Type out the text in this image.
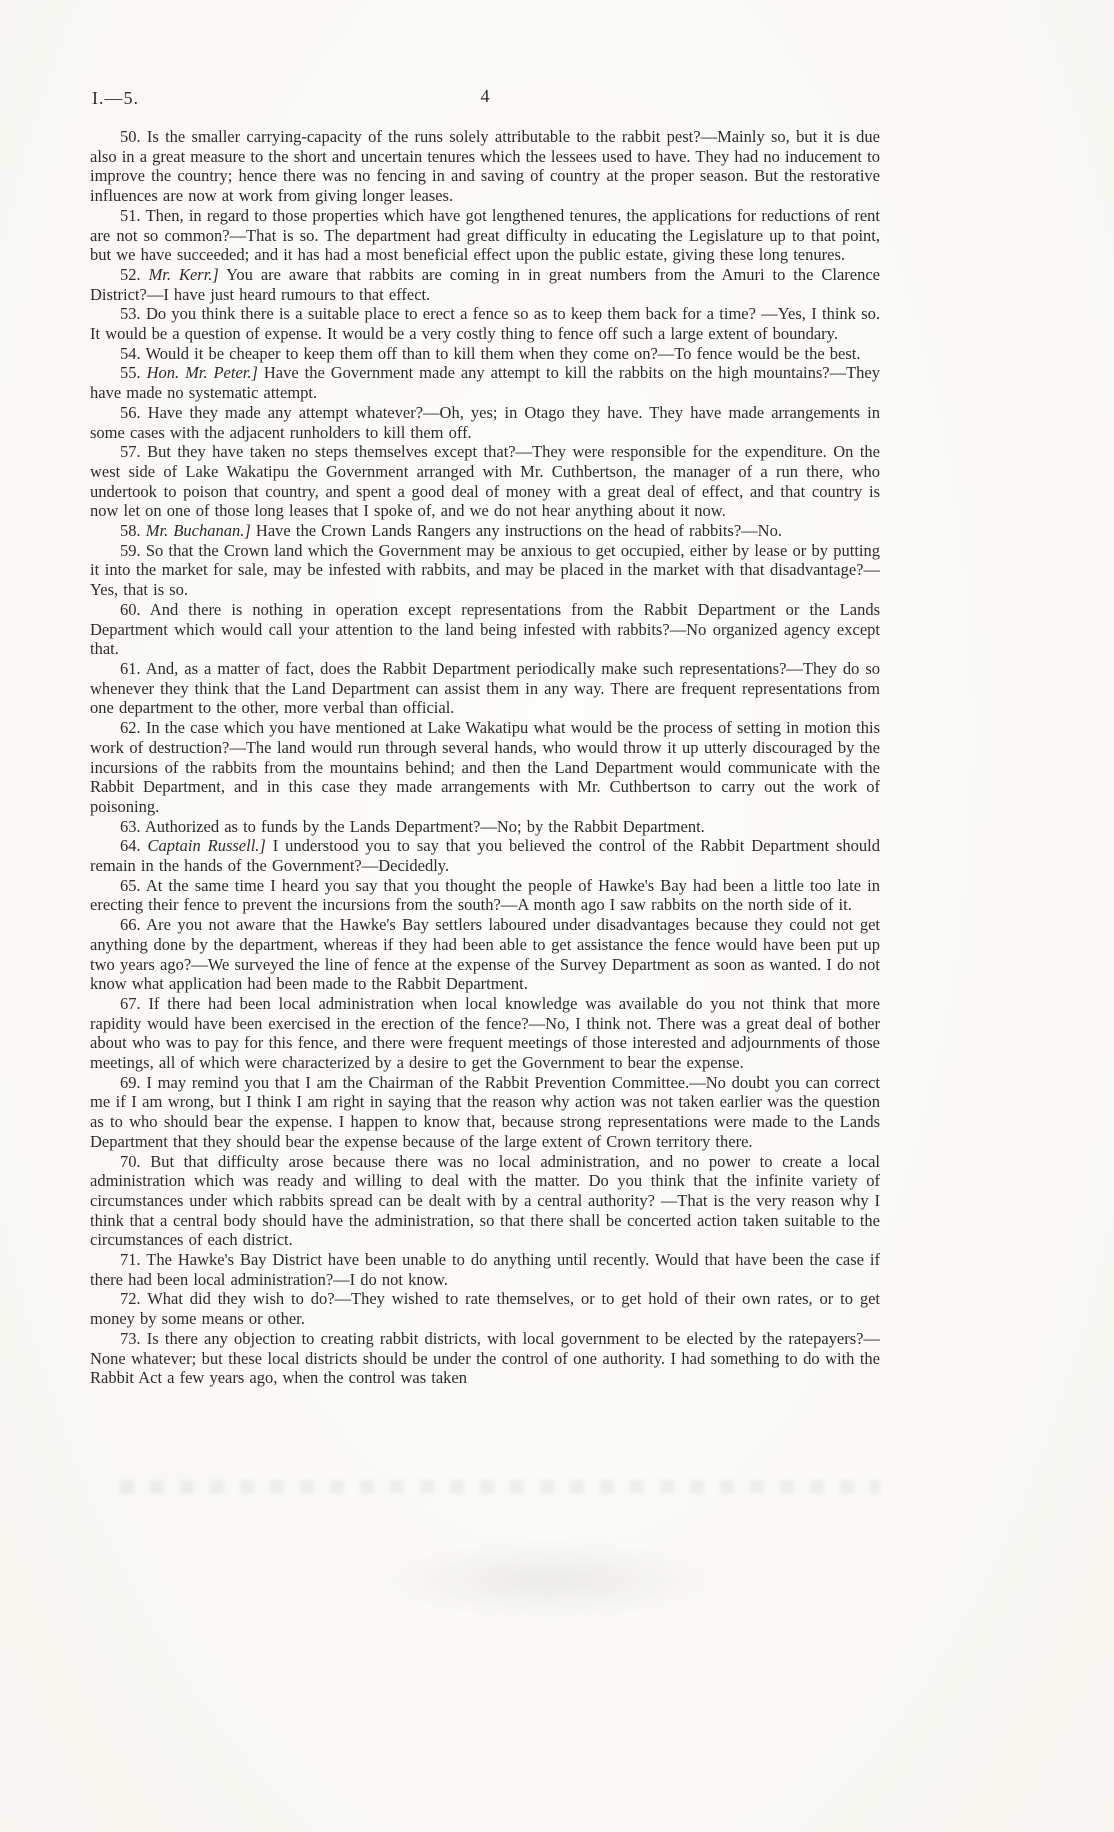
I.—5.	4

50. Is the smaller carrying-capacity of the runs solely attributable to the rabbit pest?—Mainly so, but it is due also in a great measure to the short and uncertain tenures which the lessees used to have. They had no inducement to improve the country; hence there was no fencing in and saving of country at the proper season. But the restorative influences are now at work from giving longer leases.

51. Then, in regard to those properties which have got lengthened tenures, the applications for reductions of rent are not so common?—That is so. The department had great difficulty in educating the Legislature up to that point, but we have succeeded; and it has had a most beneficial effect upon the public estate, giving these long tenures.

52. Mr. Kerr.] You are aware that rabbits are coming in in great numbers from the Amuri to the Clarence District?—I have just heard rumours to that effect.

53. Do you think there is a suitable place to erect a fence so as to keep them back for a time? —Yes, I think so. It would be a question of expense. It would be a very costly thing to fence off such a large extent of boundary.

54. Would it be cheaper to keep them off than to kill them when they come on?—To fence would be the best.

55. Hon. Mr. Peter.] Have the Government made any attempt to kill the rabbits on the high mountains?—They have made no systematic attempt.

56. Have they made any attempt whatever?—Oh, yes; in Otago they have. They have made arrangements in some cases with the adjacent runholders to kill them off.

57. But they have taken no steps themselves except that?—They were responsible for the expenditure. On the west side of Lake Wakatipu the Government arranged with Mr. Cuthbertson, the manager of a run there, who undertook to poison that country, and spent a good deal of money with a great deal of effect, and that country is now let on one of those long leases that I spoke of, and we do not hear anything about it now.

58. Mr. Buchanan.] Have the Crown Lands Rangers any instructions on the head of rabbits?—No.

59. So that the Crown land which the Government may be anxious to get occupied, either by lease or by putting it into the market for sale, may be infested with rabbits, and may be placed in the market with that disadvantage?—Yes, that is so.

60. And there is nothing in operation except representations from the Rabbit Department or the Lands Department which would call your attention to the land being infested with rabbits?—No organized agency except that.

61. And, as a matter of fact, does the Rabbit Department periodically make such representations?—They do so whenever they think that the Land Department can assist them in any way. There are frequent representations from one department to the other, more verbal than official.

62. In the case which you have mentioned at Lake Wakatipu what would be the process of setting in motion this work of destruction?—The land would run through several hands, who would throw it up utterly discouraged by the incursions of the rabbits from the mountains behind; and then the Land Department would communicate with the Rabbit Department, and in this case they made arrangements with Mr. Cuthbertson to carry out the work of poisoning.

63. Authorized as to funds by the Lands Department?—No; by the Rabbit Department.

64. Captain Russell.] I understood you to say that you believed the control of the Rabbit Department should remain in the hands of the Government?—Decidedly.

65. At the same time I heard you say that you thought the people of Hawke's Bay had been a little too late in erecting their fence to prevent the incursions from the south?—A month ago I saw rabbits on the north side of it.

66. Are you not aware that the Hawke's Bay settlers laboured under disadvantages because they could not get anything done by the department, whereas if they had been able to get assistance the fence would have been put up two years ago?—We surveyed the line of fence at the expense of the Survey Department as soon as wanted. I do not know what application had been made to the Rabbit Department.

67. If there had been local administration when local knowledge was available do you not think that more rapidity would have been exercised in the erection of the fence?—No, I think not. There was a great deal of bother about who was to pay for this fence, and there were frequent meetings of those interested and adjournments of those meetings, all of which were characterized by a desire to get the Government to bear the expense.

69. I may remind you that I am the Chairman of the Rabbit Prevention Committee.—No doubt you can correct me if I am wrong, but I think I am right in saying that the reason why action was not taken earlier was the question as to who should bear the expense. I happen to know that, because strong representations were made to the Lands Department that they should bear the expense because of the large extent of Crown territory there.

70. But that difficulty arose because there was no local administration, and no power to create a local administration which was ready and willing to deal with the matter. Do you think that the infinite variety of circumstances under which rabbits spread can be dealt with by a central authority? —That is the very reason why I think that a central body should have the administration, so that there shall be concerted action taken suitable to the circumstances of each district.

71. The Hawke's Bay District have been unable to do anything until recently. Would that have been the case if there had been local administration?—I do not know.

72. What did they wish to do?—They wished to rate themselves, or to get hold of their own rates, or to get money by some means or other.

73. Is there any objection to creating rabbit districts, with local government to be elected by the ratepayers?—None whatever; but these local districts should be under the control of one authority. I had something to do with the Rabbit Act a few years ago, when the control was taken
